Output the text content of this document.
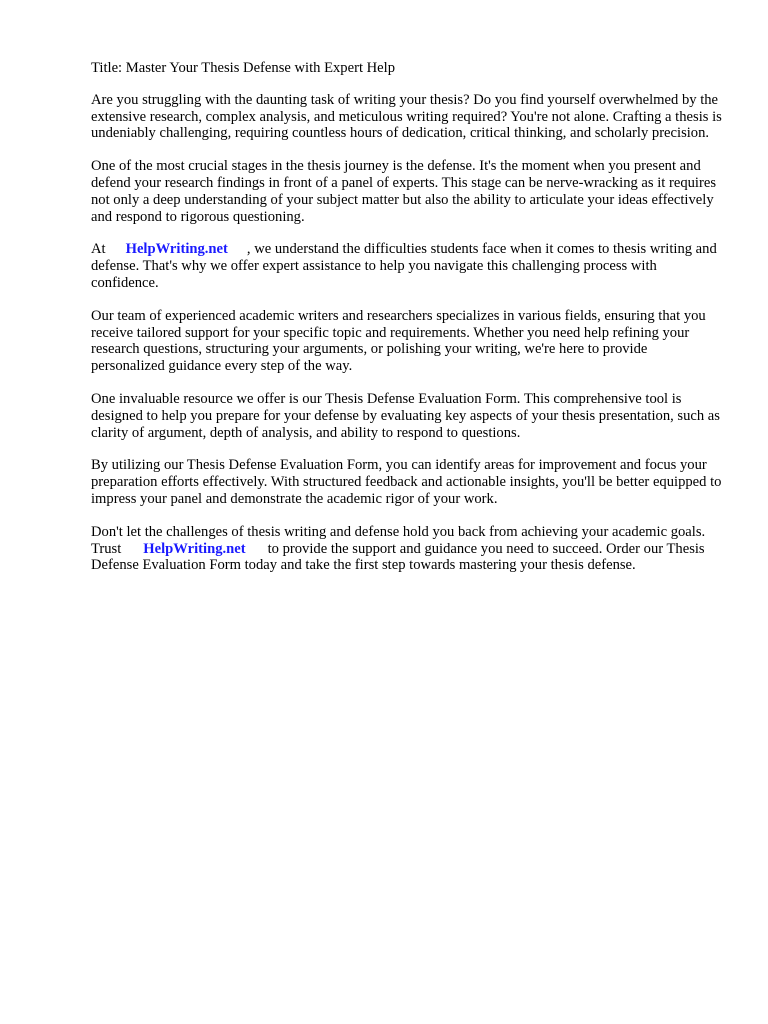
Title: Master Your Thesis Defense with Expert Help

Are you struggling with the daunting task of writing your thesis? Do you find yourself overwhelmed by the extensive research, complex analysis, and meticulous writing required? You're not alone. Crafting a thesis is undeniably challenging, requiring countless hours of dedication, critical thinking, and scholarly precision.

One of the most crucial stages in the thesis journey is the defense. It's the moment when you present and defend your research findings in front of a panel of experts. This stage can be nerve-wracking as it requires not only a deep understanding of your subject matter but also the ability to articulate your ideas effectively and respond to rigorous questioning.

At HelpWriting.net , we understand the difficulties students face when it comes to thesis writing and defense. That's why we offer expert assistance to help you navigate this challenging process with confidence.

Our team of experienced academic writers and researchers specializes in various fields, ensuring that you receive tailored support for your specific topic and requirements. Whether you need help refining your research questions, structuring your arguments, or polishing your writing, we're here to provide personalized guidance every step of the way.

One invaluable resource we offer is our Thesis Defense Evaluation Form. This comprehensive tool is designed to help you prepare for your defense by evaluating key aspects of your thesis presentation, such as clarity of argument, depth of analysis, and ability to respond to questions.

By utilizing our Thesis Defense Evaluation Form, you can identify areas for improvement and focus your preparation efforts effectively. With structured feedback and actionable insights, you'll be better equipped to impress your panel and demonstrate the academic rigor of your work.

Don't let the challenges of thesis writing and defense hold you back from achieving your academic goals. Trust HelpWriting.net to provide the support and guidance you need to succeed. Order our Thesis Defense Evaluation Form today and take the first step towards mastering your thesis defense.
